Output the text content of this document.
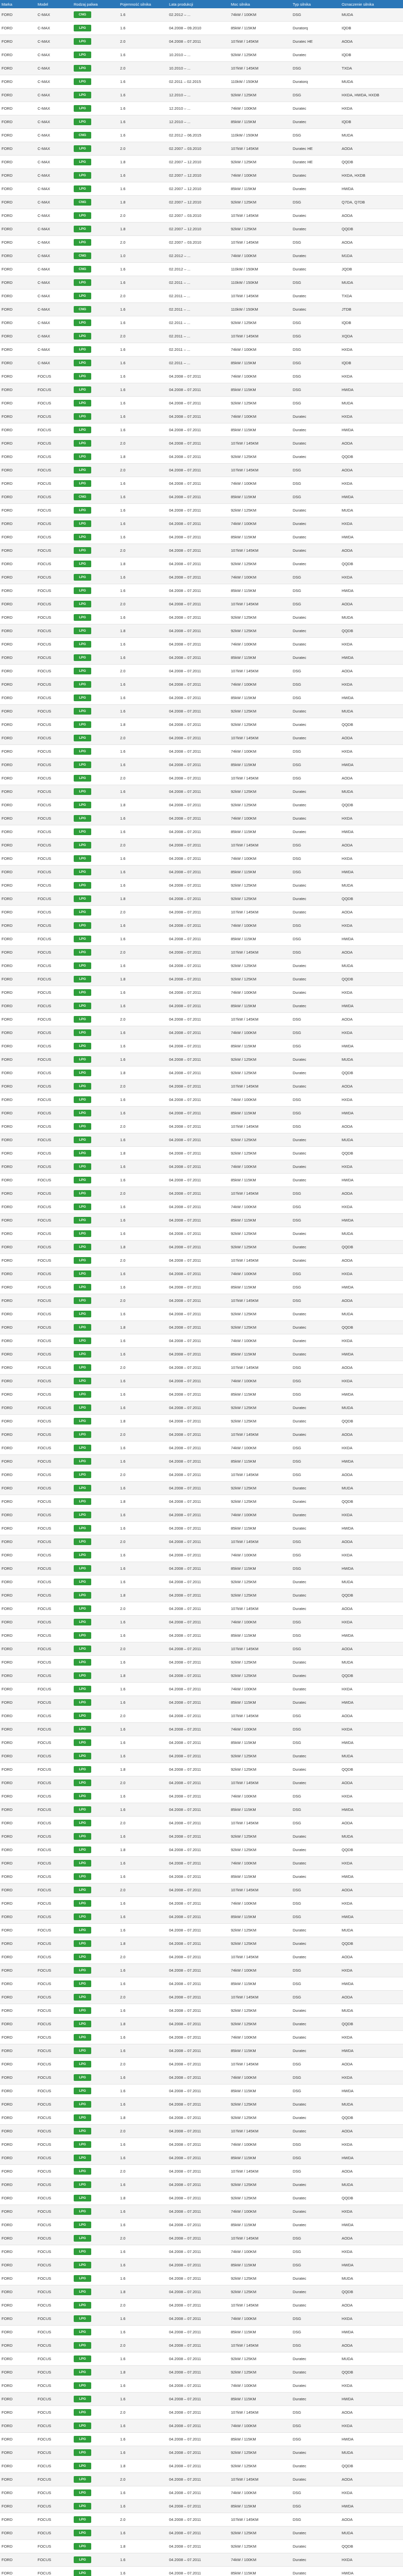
Marka	Model	Rodzaj paliwa	Pojemność silnika	Lata produkcji	Moc silnika	Typ silnika	Oznaczenie silnika
FORD	C-MAX	CNG	1.6	02.2012 – ...	74kW / 100KM	DSG	MUDA
FORD	C-MAX	LPG	1.6	04.2008 – 09.2010	85kW / 115KM	Duratorq	IQDB
FORD	C-MAX	LPG	2.0	04.2008 – 07.2011	107kW / 145KM	Duratec HE	AODA
FORD	C-MAX	LPG	1.6	10.2010 – ...	92kW / 125KM	Duratec	IQDB
FORD	C-MAX	LPG	2.0	10.2010 – ...	107kW / 145KM	DSG	TXDA
FORD	C-MAX	LPG	1.6	02.2011 – 02.2015	110kW / 150KM	Duratorq	MUDA
FORD	C-MAX	LPG	1.6	12.2010 – ...	92kW / 125KM	DSG	HXDA, HWDA, HXDB
FORD	C-MAX	LPG	1.6	12.2010 – ...	74kW / 100KM	Duratec	HXDA
FORD	C-MAX	LPG	1.6	12.2010 – ...	85kW / 115KM	Duratec	IQDB
FORD	C-MAX	CNG	1.6	02.2012 – 06.2015	110kW / 150KM	DSG	MUDA
FORD	C-MAX	LPG	2.0	02.2007 – 03.2010	107kW / 145KM	Duratec HE	AODA
FORD	C-MAX	LPG	1.8	02.2007 – 12.2010	92kW / 125KM	Duratec HE	QQDB
FORD	C-MAX	LPG	1.6	02.2007 – 12.2010	74kW / 100KM	Duratec	HXDA, HXDB
FORD	C-MAX	LPG	1.6	02.2007 – 12.2010	85kW / 115KM	Duratec	HWDA
FORD	C-MAX	CNG	1.8	02.2007 – 12.2010	92kW / 125KM	DSG	Q7DA, Q7DB
FORD	C-MAX	LPG	2.0	02.2007 – 03.2010	107kW / 145KM	Duratec	AODA
FORD	C-MAX	LPG	1.8	02.2007 – 12.2010	92kW / 125KM	Duratec	QQDB
FORD	C-MAX	LPG	2.0	02.2007 – 03.2010	107kW / 145KM	DSG	AODA
FORD	C-MAX	CNG	1.0	02.2012 – ...	74kW / 100KM	Duratec	M1DA
FORD	C-MAX	CNG	1.6	02.2012 – ...	110kW / 150KM	Duratec	JQDB
FORD	C-MAX	LPG	1.6	02.2011 – ...	110kW / 150KM	DSG	MUDA
FORD	C-MAX	LPG	2.0	02.2011 – ...	107kW / 145KM	Duratec	TXDA
FORD	C-MAX	CNG	1.6	02.2011 – ...	110kW / 150KM	Duratec	JTDB
FORD	C-MAX	LPG	1.6	02.2011 – ...	92kW / 125KM	DSG	IQDB
FORD	C-MAX	LPG	2.0	02.2011 – ...	107kW / 145KM	DSG	XQDA
FORD	C-MAX	LPG	1.6	02.2011 – ...	74kW / 100KM	DSG	HXDA
FORD	C-MAX	LPG	1.6	02.2011 – ...	85kW / 115KM	DSG	IQDB
FORD	FOCUS	LPG	1.6	04.2008 – 07.2011	74kW / 100KM	DSG	HXDA
FORD	FOCUS	LPG	1.6	04.2008 – 07.2011	85kW / 115KM	DSG	HWDA
FORD	FOCUS	LPG	1.6	04.2008 – 07.2011	92kW / 125KM	DSG	MUDA
FORD	FOCUS	LPG	1.6	04.2008 – 07.2011	74kW / 100KM	Duratec	HXDA
FORD	FOCUS	LPG	1.6	04.2008 – 07.2011	85kW / 115KM	Duratec	HWDA
FORD	FOCUS	LPG	2.0	04.2008 – 07.2011	107kW / 145KM	Duratec	AODA
FORD	FOCUS	LPG	1.8	04.2008 – 07.2011	92kW / 125KM	Duratec	QQDB
FORD	FOCUS	LPG	2.0	04.2008 – 07.2011	107kW / 145KM	DSG	AODA
FORD	FOCUS	LPG	1.6	04.2008 – 07.2011	74kW / 100KM	DSG	HXDA
FORD	FOCUS	CNG	1.6	04.2008 – 07.2011	85kW / 115KM	DSG	HWDA
FORD	FOCUS	LPG	1.6	04.2008 – 07.2011	92kW / 125KM	Duratec	MUDA
FORD	FOCUS	LPG	1.6	04.2008 – 07.2011	74kW / 100KM	Duratec	HXDA
FORD	FOCUS	LPG	1.6	04.2008 – 07.2011	85kW / 115KM	Duratec	HWDA
FORD	FOCUS	LPG	2.0	04.2008 – 07.2011	107kW / 145KM	Duratec	AODA
FORD	FOCUS	LPG	1.8	04.2008 – 07.2011	92kW / 125KM	Duratec	QQDB
FORD	FOCUS	LPG	1.6	04.2008 – 07.2011	74kW / 100KM	DSG	HXDA
FORD	FOCUS	LPG	1.6	04.2008 – 07.2011	85kW / 115KM	DSG	HWDA
FORD	FOCUS	LPG	2.0	04.2008 – 07.2011	107kW / 145KM	DSG	AODA
FORD	FOCUS	LPG	1.6	04.2008 – 07.2011	92kW / 125KM	Duratec	MUDA
FORD	FOCUS	LPG	1.8	04.2008 – 07.2011	92kW / 125KM	Duratec	QQDB
FORD	FOCUS	LPG	1.6	04.2008 – 07.2011	74kW / 100KM	Duratec	HXDA
FORD	FOCUS	LPG	1.6	04.2008 – 07.2011	85kW / 115KM	Duratec	HWDA
FORD	FOCUS	LPG	2.0	04.2008 – 07.2011	107kW / 145KM	DSG	AODA
FORD	FOCUS	LPG	1.6	04.2008 – 07.2011	74kW / 100KM	DSG	HXDA
FORD	FOCUS	LPG	1.6	04.2008 – 07.2011	85kW / 115KM	DSG	HWDA
FORD	FOCUS	LPG	1.6	04.2008 – 07.2011	92kW / 125KM	Duratec	MUDA
FORD	FOCUS	LPG	1.8	04.2008 – 07.2011	92kW / 125KM	Duratec	QQDB
FORD	FOCUS	LPG	2.0	04.2008 – 07.2011	107kW / 145KM	Duratec	AODA
FORD	FOCUS	LPG	1.6	04.2008 – 07.2011	74kW / 100KM	DSG	HXDA
FORD	FOCUS	LPG	1.6	04.2008 – 07.2011	85kW / 115KM	DSG	HWDA
FORD	FOCUS	LPG	2.0	04.2008 – 07.2011	107kW / 145KM	DSG	AODA
FORD	FOCUS	LPG	1.6	04.2008 – 07.2011	92kW / 125KM	Duratec	MUDA
FORD	FOCUS	LPG	1.8	04.2008 – 07.2011	92kW / 125KM	Duratec	QQDB
FORD	FOCUS	LPG	1.6	04.2008 – 07.2011	74kW / 100KM	Duratec	HXDA
FORD	FOCUS	LPG	1.6	04.2008 – 07.2011	85kW / 115KM	Duratec	HWDA
FORD	FOCUS	LPG	2.0	04.2008 – 07.2011	107kW / 145KM	DSG	AODA
FORD	FOCUS	LPG	1.6	04.2008 – 07.2011	74kW / 100KM	DSG	HXDA
FORD	FOCUS	LPG	1.6	04.2008 – 07.2011	85kW / 115KM	DSG	HWDA
FORD	FOCUS	LPG	1.6	04.2008 – 07.2011	92kW / 125KM	Duratec	MUDA
FORD	FOCUS	LPG	1.8	04.2008 – 07.2011	92kW / 125KM	Duratec	QQDB
FORD	FOCUS	LPG	2.0	04.2008 – 07.2011	107kW / 145KM	Duratec	AODA
FORD	FOCUS	LPG	1.6	04.2008 – 07.2011	74kW / 100KM	DSG	HXDA
FORD	FOCUS	LPG	1.6	04.2008 – 07.2011	85kW / 115KM	DSG	HWDA
FORD	FOCUS	LPG	2.0	04.2008 – 07.2011	107kW / 145KM	DSG	AODA
FORD	FOCUS	LPG	1.6	04.2008 – 07.2011	92kW / 125KM	Duratec	MUDA
FORD	FOCUS	LPG	1.8	04.2008 – 07.2011	92kW / 125KM	Duratec	QQDB
FORD	FOCUS	LPG	1.6	04.2008 – 07.2011	74kW / 100KM	Duratec	HXDA
FORD	FOCUS	LPG	1.6	04.2008 – 07.2011	85kW / 115KM	Duratec	HWDA
FORD	FOCUS	LPG	2.0	04.2008 – 07.2011	107kW / 145KM	DSG	AODA
FORD	FOCUS	LPG	1.6	04.2008 – 07.2011	74kW / 100KM	DSG	HXDA
FORD	FOCUS	LPG	1.6	04.2008 – 07.2011	85kW / 115KM	DSG	HWDA
FORD	FOCUS	LPG	1.6	04.2008 – 07.2011	92kW / 125KM	Duratec	MUDA
FORD	FOCUS	LPG	1.8	04.2008 – 07.2011	92kW / 125KM	Duratec	QQDB
FORD	FOCUS	LPG	2.0	04.2008 – 07.2011	107kW / 145KM	Duratec	AODA
FORD	FOCUS	LPG	1.6	04.2008 – 07.2011	74kW / 100KM	DSG	HXDA
FORD	FOCUS	LPG	1.6	04.2008 – 07.2011	85kW / 115KM	DSG	HWDA
FORD	FOCUS	LPG	2.0	04.2008 – 07.2011	107kW / 145KM	DSG	AODA
FORD	FOCUS	LPG	1.6	04.2008 – 07.2011	92kW / 125KM	Duratec	MUDA
FORD	FOCUS	LPG	1.8	04.2008 – 07.2011	92kW / 125KM	Duratec	QQDB
FORD	FOCUS	LPG	1.6	04.2008 – 07.2011	74kW / 100KM	Duratec	HXDA
FORD	FOCUS	LPG	1.6	04.2008 – 07.2011	85kW / 115KM	Duratec	HWDA
FORD	FOCUS	LPG	2.0	04.2008 – 07.2011	107kW / 145KM	DSG	AODA
FORD	FOCUS	LPG	1.6	04.2008 – 07.2011	74kW / 100KM	DSG	HXDA
FORD	FOCUS	LPG	1.6	04.2008 – 07.2011	85kW / 115KM	DSG	HWDA
FORD	FOCUS	LPG	1.6	04.2008 – 07.2011	92kW / 125KM	Duratec	MUDA
FORD	FOCUS	LPG	1.8	04.2008 – 07.2011	92kW / 125KM	Duratec	QQDB
FORD	FOCUS	LPG	2.0	04.2008 – 07.2011	107kW / 145KM	Duratec	AODA
FORD	FOCUS	LPG	1.6	04.2008 – 07.2011	74kW / 100KM	DSG	HXDA
FORD	FOCUS	LPG	1.6	04.2008 – 07.2011	85kW / 115KM	DSG	HWDA
FORD	FOCUS	LPG	2.0	04.2008 – 07.2011	107kW / 145KM	DSG	AODA
FORD	FOCUS	LPG	1.6	04.2008 – 07.2011	92kW / 125KM	Duratec	MUDA
FORD	FOCUS	LPG	1.8	04.2008 – 07.2011	92kW / 125KM	Duratec	QQDB
FORD	FOCUS	LPG	1.6	04.2008 – 07.2011	74kW / 100KM	Duratec	HXDA
FORD	FOCUS	LPG	1.6	04.2008 – 07.2011	85kW / 115KM	Duratec	HWDA
FORD	FOCUS	LPG	2.0	04.2008 – 07.2011	107kW / 145KM	DSG	AODA
FORD	FOCUS	LPG	1.6	04.2008 – 07.2011	74kW / 100KM	DSG	HXDA
FORD	FOCUS	LPG	1.6	04.2008 – 07.2011	85kW / 115KM	DSG	HWDA
FORD	FOCUS	LPG	1.6	04.2008 – 07.2011	92kW / 125KM	Duratec	MUDA
FORD	FOCUS	LPG	1.8	04.2008 – 07.2011	92kW / 125KM	Duratec	QQDB
FORD	FOCUS	LPG	2.0	04.2008 – 07.2011	107kW / 145KM	Duratec	AODA
FORD	FOCUS	LPG	1.6	04.2008 – 07.2011	74kW / 100KM	DSG	HXDA
FORD	FOCUS	LPG	1.6	04.2008 – 07.2011	85kW / 115KM	DSG	HWDA
FORD	FOCUS	LPG	2.0	04.2008 – 07.2011	107kW / 145KM	DSG	AODA
FORD	FOCUS	LPG	1.6	04.2008 – 07.2011	92kW / 125KM	Duratec	MUDA
FORD	FOCUS	LPG	1.8	04.2008 – 07.2011	92kW / 125KM	Duratec	QQDB
FORD	FOCUS	LPG	1.6	04.2008 – 07.2011	74kW / 100KM	Duratec	HXDA
FORD	FOCUS	LPG	1.6	04.2008 – 07.2011	85kW / 115KM	Duratec	HWDA
FORD	FOCUS	LPG	2.0	04.2008 – 07.2011	107kW / 145KM	DSG	AODA
FORD	FOCUS	LPG	1.6	04.2008 – 07.2011	74kW / 100KM	DSG	HXDA
FORD	FOCUS	LPG	1.6	04.2008 – 07.2011	85kW / 115KM	DSG	HWDA
FORD	FOCUS	LPG	1.6	04.2008 – 07.2011	92kW / 125KM	Duratec	MUDA
FORD	FOCUS	LPG	1.8	04.2008 – 07.2011	92kW / 125KM	Duratec	QQDB
FORD	FOCUS	LPG	2.0	04.2008 – 07.2011	107kW / 145KM	Duratec	AODA
FORD	FOCUS	LPG	1.6	04.2008 – 07.2011	74kW / 100KM	DSG	HXDA
FORD	FOCUS	LPG	1.6	04.2008 – 07.2011	85kW / 115KM	DSG	HWDA
FORD	FOCUS	LPG	2.0	04.2008 – 07.2011	107kW / 145KM	DSG	AODA
FORD	FOCUS	LPG	1.6	04.2008 – 07.2011	92kW / 125KM	Duratec	MUDA
FORD	FOCUS	LPG	1.8	04.2008 – 07.2011	92kW / 125KM	Duratec	QQDB
FORD	FOCUS	LPG	1.6	04.2008 – 07.2011	74kW / 100KM	Duratec	HXDA
FORD	FOCUS	LPG	1.6	04.2008 – 07.2011	85kW / 115KM	Duratec	HWDA
FORD	FOCUS	LPG	2.0	04.2008 – 07.2011	107kW / 145KM	DSG	AODA
FORD	FOCUS	LPG	1.6	04.2008 – 07.2011	74kW / 100KM	DSG	HXDA
FORD	FOCUS	LPG	1.6	04.2008 – 07.2011	85kW / 115KM	DSG	HWDA
FORD	FOCUS	LPG	1.6	04.2008 – 07.2011	92kW / 125KM	Duratec	MUDA
FORD	FOCUS	LPG	1.8	04.2008 – 07.2011	92kW / 125KM	Duratec	QQDB
FORD	FOCUS	LPG	2.0	04.2008 – 07.2011	107kW / 145KM	Duratec	AODA
FORD	FOCUS	LPG	1.6	04.2008 – 07.2011	74kW / 100KM	DSG	HXDA
FORD	FOCUS	LPG	1.6	04.2008 – 07.2011	85kW / 115KM	DSG	HWDA
FORD	FOCUS	LPG	2.0	04.2008 – 07.2011	107kW / 145KM	DSG	AODA
FORD	FOCUS	LPG	1.6	04.2008 – 07.2011	92kW / 125KM	Duratec	MUDA
FORD	FOCUS	LPG	1.8	04.2008 – 07.2011	92kW / 125KM	Duratec	QQDB
FORD	FOCUS	LPG	1.6	04.2008 – 07.2011	74kW / 100KM	Duratec	HXDA
FORD	FOCUS	LPG	1.6	04.2008 – 07.2011	85kW / 115KM	Duratec	HWDA
FORD	FOCUS	LPG	2.0	04.2008 – 07.2011	107kW / 145KM	DSG	AODA
FORD	FOCUS	LPG	1.6	04.2008 – 07.2011	74kW / 100KM	DSG	HXDA
FORD	FOCUS	LPG	1.6	04.2008 – 07.2011	85kW / 115KM	DSG	HWDA
FORD	FOCUS	LPG	1.6	04.2008 – 07.2011	92kW / 125KM	Duratec	MUDA
FORD	FOCUS	LPG	1.8	04.2008 – 07.2011	92kW / 125KM	Duratec	QQDB
FORD	FOCUS	LPG	2.0	04.2008 – 07.2011	107kW / 145KM	Duratec	AODA
FORD	FOCUS	LPG	1.6	04.2008 – 07.2011	74kW / 100KM	DSG	HXDA
FORD	FOCUS	LPG	1.6	04.2008 – 07.2011	85kW / 115KM	DSG	HWDA
FORD	FOCUS	LPG	2.0	04.2008 – 07.2011	107kW / 145KM	DSG	AODA
FORD	FOCUS	LPG	1.6	04.2008 – 07.2011	92kW / 125KM	Duratec	MUDA
FORD	FOCUS	LPG	1.8	04.2008 – 07.2011	92kW / 125KM	Duratec	QQDB
FORD	FOCUS	LPG	1.6	04.2008 – 07.2011	74kW / 100KM	Duratec	HXDA
FORD	FOCUS	LPG	1.6	04.2008 – 07.2011	85kW / 115KM	Duratec	HWDA
FORD	FOCUS	LPG	2.0	04.2008 – 07.2011	107kW / 145KM	DSG	AODA
FORD	FOCUS	LPG	1.6	04.2008 – 07.2011	74kW / 100KM	DSG	HXDA
FORD	FOCUS	LPG	1.6	04.2008 – 07.2011	85kW / 115KM	DSG	HWDA
FORD	FOCUS	LPG	1.6	04.2008 – 07.2011	92kW / 125KM	Duratec	MUDA
FORD	FOCUS	LPG	1.8	04.2008 – 07.2011	92kW / 125KM	Duratec	QQDB
FORD	FOCUS	LPG	2.0	04.2008 – 07.2011	107kW / 145KM	Duratec	AODA
FORD	FOCUS	LPG	1.6	04.2008 – 07.2011	74kW / 100KM	DSG	HXDA
FORD	FOCUS	LPG	1.6	04.2008 – 07.2011	85kW / 115KM	DSG	HWDA
FORD	FOCUS	LPG	2.0	04.2008 – 07.2011	107kW / 145KM	DSG	AODA
FORD	FOCUS	LPG	1.6	04.2008 – 07.2011	92kW / 125KM	Duratec	MUDA
FORD	FOCUS	LPG	1.8	04.2008 – 07.2011	92kW / 125KM	Duratec	QQDB
FORD	FOCUS	LPG	1.6	04.2008 – 07.2011	74kW / 100KM	Duratec	HXDA
FORD	FOCUS	LPG	1.6	04.2008 – 07.2011	85kW / 115KM	Duratec	HWDA
FORD	FOCUS	LPG	2.0	04.2008 – 07.2011	107kW / 145KM	DSG	AODA
FORD	FOCUS	LPG	1.6	04.2008 – 07.2011	74kW / 100KM	DSG	HXDA
FORD	FOCUS	LPG	1.6	04.2008 – 07.2011	85kW / 115KM	DSG	HWDA
FORD	FOCUS	LPG	1.6	04.2008 – 07.2011	92kW / 125KM	Duratec	MUDA
FORD	FOCUS	LPG	1.8	04.2008 – 07.2011	92kW / 125KM	Duratec	QQDB
FORD	FOCUS	LPG	2.0	04.2008 – 07.2011	107kW / 145KM	Duratec	AODA
FORD	FOCUS	LPG	1.6	04.2008 – 07.2011	74kW / 100KM	DSG	HXDA
FORD	FOCUS	LPG	1.6	04.2008 – 07.2011	85kW / 115KM	DSG	HWDA
FORD	FOCUS	LPG	2.0	04.2008 – 07.2011	107kW / 145KM	DSG	AODA
FORD	FOCUS	LPG	1.6	04.2008 – 07.2011	92kW / 125KM	Duratec	MUDA
FORD	FOCUS	LPG	1.8	04.2008 – 07.2011	92kW / 125KM	Duratec	QQDB
FORD	FOCUS	LPG	1.6	04.2008 – 07.2011	74kW / 100KM	Duratec	HXDA
FORD	FOCUS	LPG	1.6	04.2008 – 07.2011	85kW / 115KM	Duratec	HWDA
FORD	FOCUS	LPG	2.0	04.2008 – 07.2011	107kW / 145KM	DSG	AODA
FORD	FOCUS	LPG	1.6	04.2008 – 07.2011	74kW / 100KM	DSG	HXDA
FORD	FOCUS	LPG	1.6	04.2008 – 07.2011	85kW / 115KM	DSG	HWDA
FORD	FOCUS	LPG	1.6	04.2008 – 07.2011	92kW / 125KM	Duratec	MUDA
FORD	FOCUS	LPG	1.8	04.2008 – 07.2011	92kW / 125KM	Duratec	QQDB
FORD	FOCUS	LPG	2.0	04.2008 – 07.2011	107kW / 145KM	Duratec	AODA
FORD	FOCUS	LPG	1.6	04.2008 – 07.2011	74kW / 100KM	DSG	HXDA
FORD	FOCUS	LPG	1.6	04.2008 – 07.2011	85kW / 115KM	DSG	HWDA
FORD	FOCUS	LPG	2.0	04.2008 – 07.2011	107kW / 145KM	DSG	AODA
FORD	FOCUS	LPG	1.6	04.2008 – 07.2011	92kW / 125KM	Duratec	MUDA
FORD	FOCUS	LPG	1.8	04.2008 – 07.2011	92kW / 125KM	Duratec	QQDB
FORD	FOCUS	LPG	1.6	04.2008 – 07.2011	74kW / 100KM	Duratec	HXDA
FORD	FOCUS	LPG	1.6	04.2008 – 07.2011	85kW / 115KM	Duratec	HWDA
